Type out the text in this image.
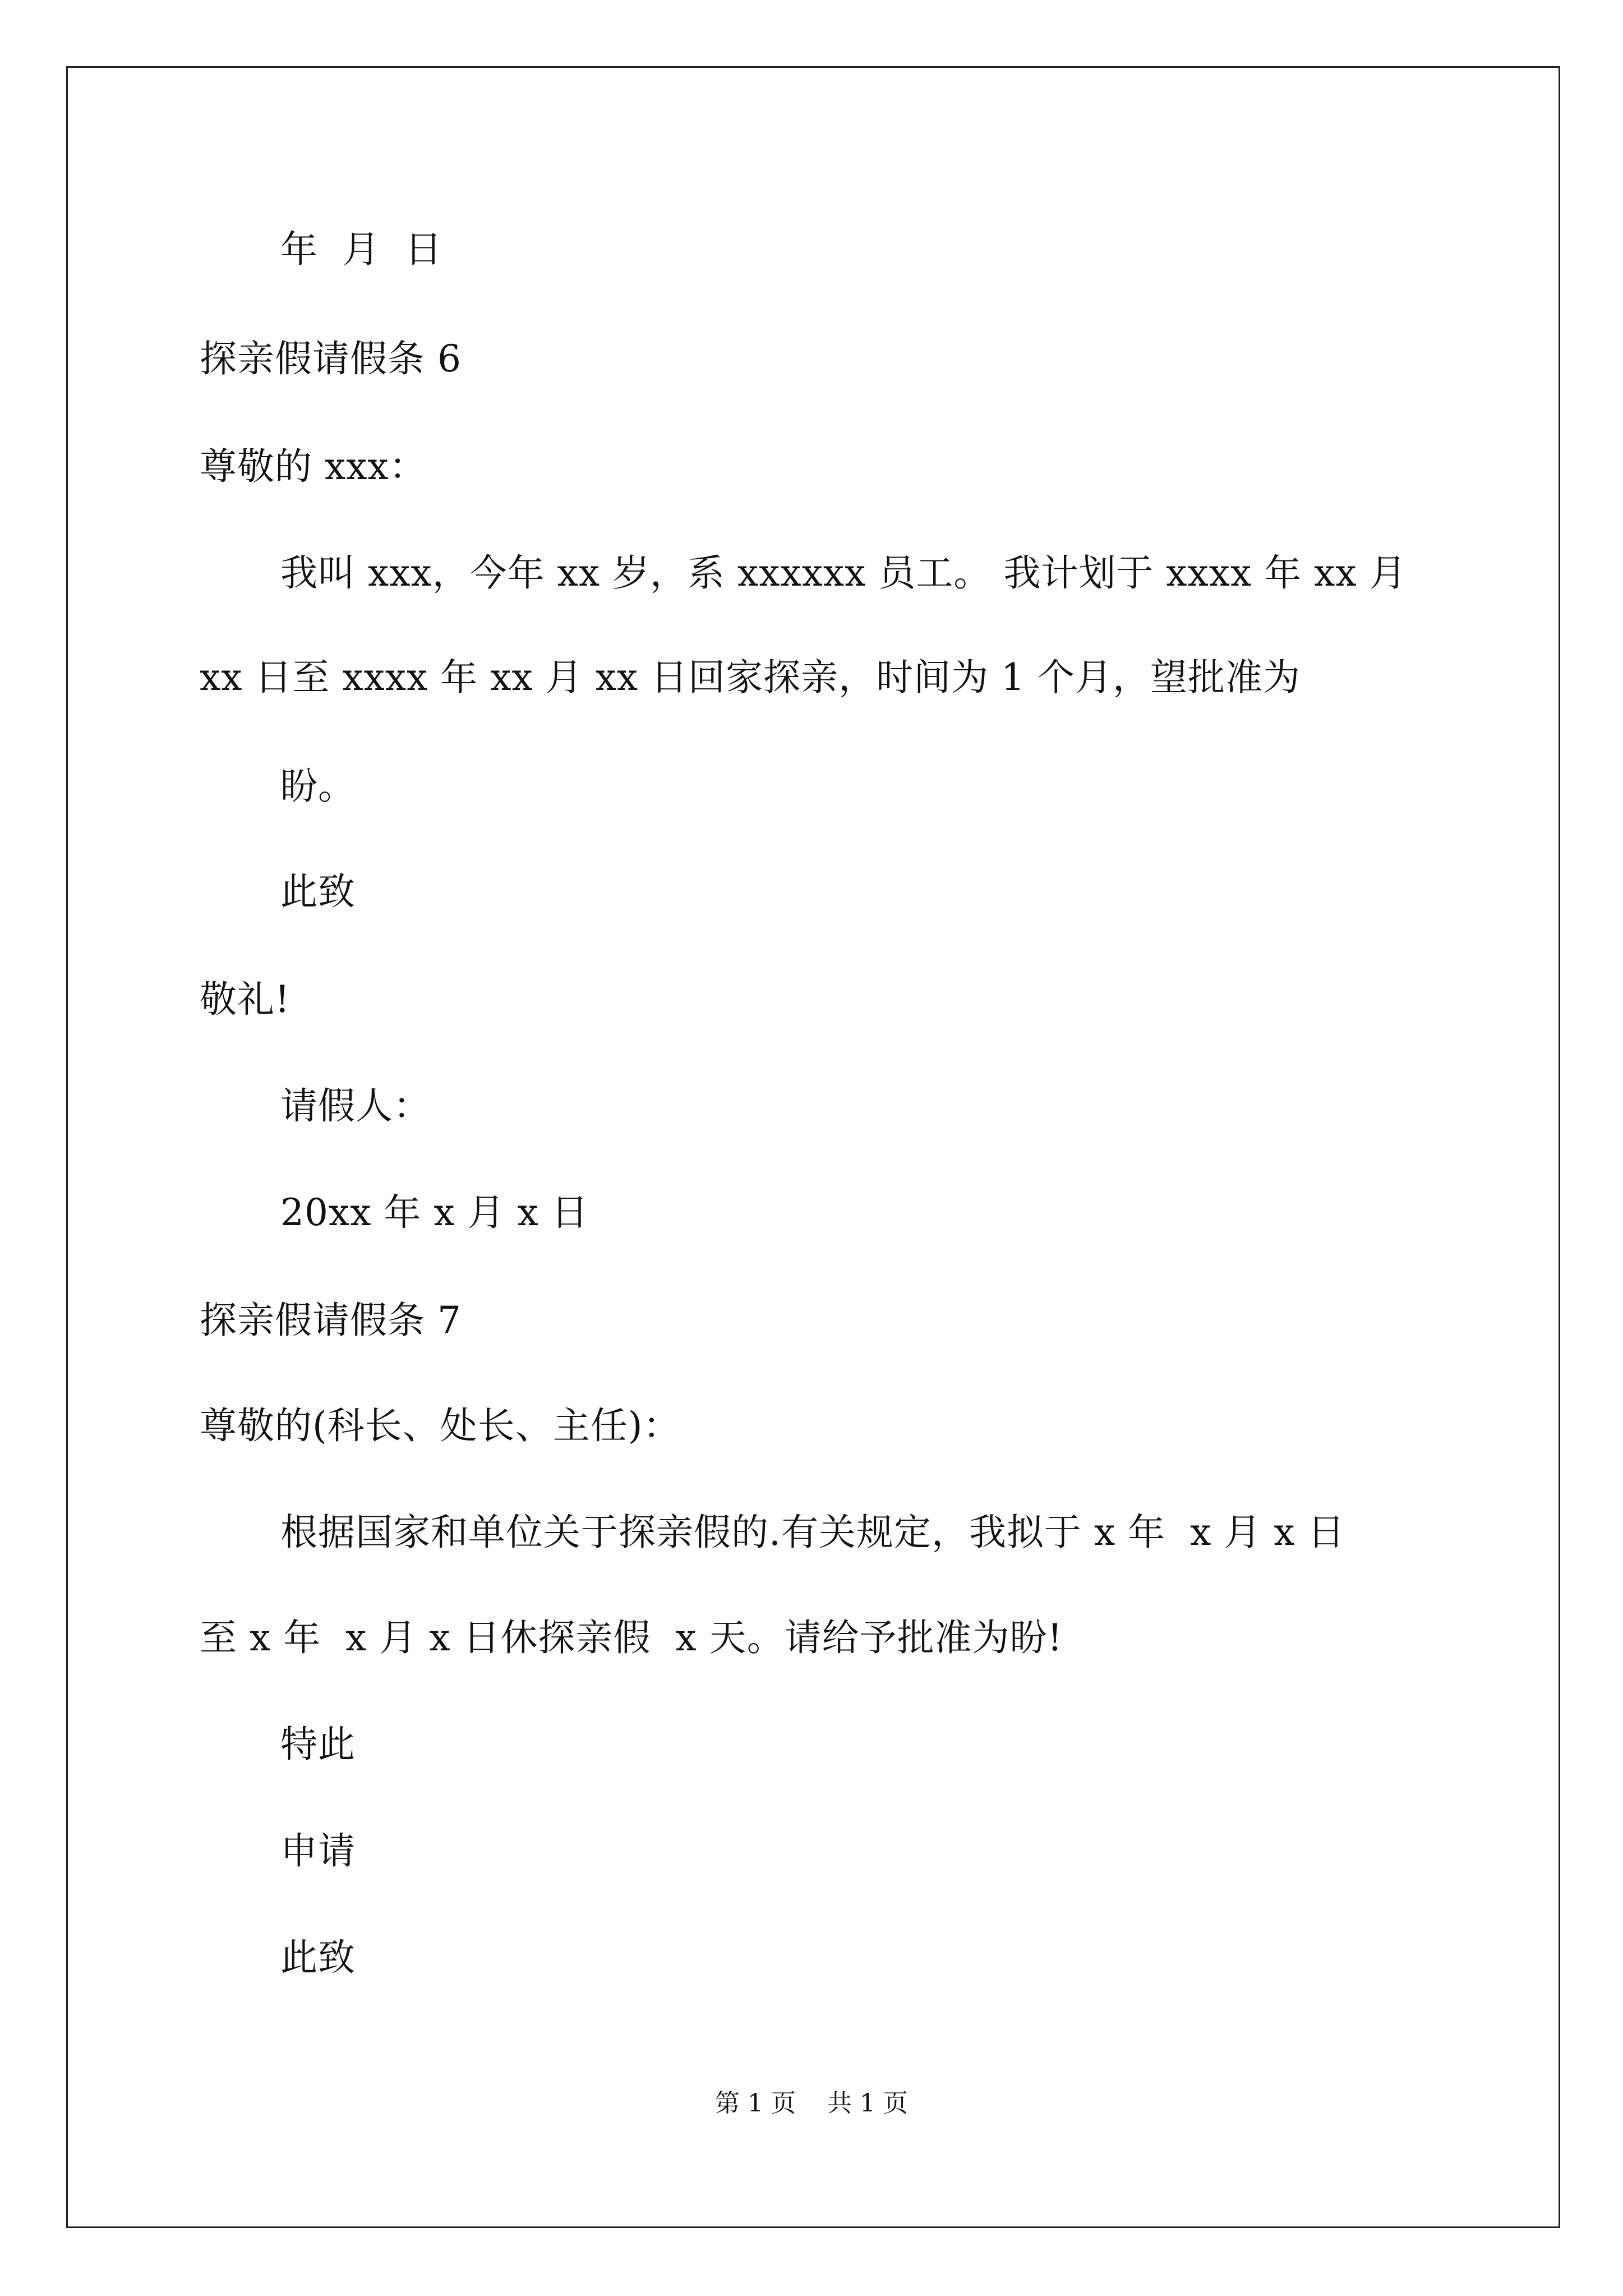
年  月  日
探亲假请假条 6
尊敬的 xxx：
我叫 xxx，今年 xx 岁，系 xxxxxx 员工。 我计划于 xxxx 年 xx 月
xx 日至 xxxx 年 xx 月 xx 日回家探亲，时间为 1 个月，望批准为
盼。
此致
敬礼!
请假人：
20xx 年 x 月 x 日
探亲假请假条 7
尊敬的(科长、处长、主任)：
根据国家和单位关于探亲假的.有关规定，我拟于 x 年  x 月 x 日
至 x 年  x 月 x 日休探亲假  x 天。请给予批准为盼!
特此
申请
此致
第 1 页    共 1 页
